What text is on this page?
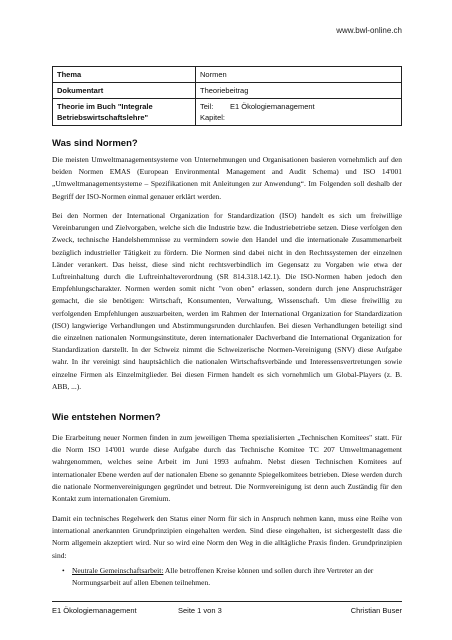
www.bwl-online.ch
Thema	Normen
Dokumentart	Theoriebeitrag
Theorie im Buch "Integrale Betriebswirtschaftslehre"	Teil: E1 Ökologiemanagement
Kapitel:
Was sind Normen?

Die meisten Umweltmanagementsysteme von Unternehmungen und Organisationen basieren vornehmlich auf den beiden Normen EMAS (European Environmental Management and Audit Schema) und ISO 14'001 „Umweltmanagementsysteme – Spezifikationen mit Anleitungen zur Anwendung“. Im Folgenden soll deshalb der Begriff der ISO-Normen einmal genauer erklärt werden.

Bei den Normen der International Organization for Standardization (ISO) handelt es sich um freiwillige Vereinbarungen und Zielvorgaben, welche sich die Industrie bzw. die Industriebetriebe setzen. Diese verfolgen den Zweck, technische Handelshemmnisse zu vermindern sowie den Handel und die internationale Zusammenarbeit bezüglich industrieller Tätigkeit zu fördern. Die Normen sind dabei nicht in den Rechtssystemen der einzelnen Länder verankert. Das heisst, diese sind nicht rechtsverbindlich im Gegensatz zu Vorgaben wie etwa der Luftreinhaltung durch die Luftreinhalteverordnung (SR 814.318.142.1). Die ISO-Normen haben jedoch den Empfehlungscharakter. Normen werden somit nicht "von oben" erlassen, sondern durch jene Anspruchsträger gemacht, die sie benötigen: Wirtschaft, Konsumenten, Verwaltung, Wissenschaft. Um diese freiwillig zu verfolgenden Empfehlungen auszuarbeiten, werden im Rahmen der International Organization for Standardization (ISO) langwierige Verhandlungen und Abstimmungsrunden durchlaufen. Bei diesen Verhandlungen beteiligt sind die einzelnen nationalen Normungsinstitute, deren internationaler Dachverband die International Organization for Standardization darstellt. In der Schweiz nimmt die Schweizerische Normen-Vereinigung (SNV) diese Aufgabe wahr. In ihr vereinigt sind hauptsächlich die nationalen Wirtschaftsverbände und Interessensvertretungen sowie einzelne Firmen als Einzelmitglieder. Bei diesen Firmen handelt es sich vornehmlich um Global-Players (z. B. ABB, ...).

Wie entstehen Normen?

Die Erarbeitung neuer Normen finden in zum jeweiligen Thema spezialisierten „Technischen Komitees" statt. Für die Norm ISO 14'001 wurde diese Aufgabe durch das Technische Komitee TC 207 Umweltmanagement wahrgenommen, welches seine Arbeit im Juni 1993 aufnahm. Nebst diesen Technischen Komitees auf internationaler Ebene werden auf der nationalen Ebene so genannte Spiegelkomitees betrieben. Diese werden durch die nationale Normenvereinigungen gegründet und betreut. Die Normvereinigung ist denn auch Zuständig für den Kontakt zum internationalen Gremium.

Damit ein technisches Regelwerk den Status einer Norm für sich in Anspruch nehmen kann, muss eine Reihe von international anerkannten Grundprinzipien eingehalten werden. Sind diese eingehalten, ist sichergestellt dass die Norm allgemein akzeptiert wird. Nur so wird eine Norm den Weg in die alltägliche Praxis finden. Grundprinzipien sind:

• Neutrale Gemeinschaftsarbeit: Alle betroffenen Kreise können und sollen durch ihre Vertreter an der Normungsarbeit auf allen Ebenen teilnehmen.
E1 Ökologiemanagement	Seite 1 von 3	Christian Buser
